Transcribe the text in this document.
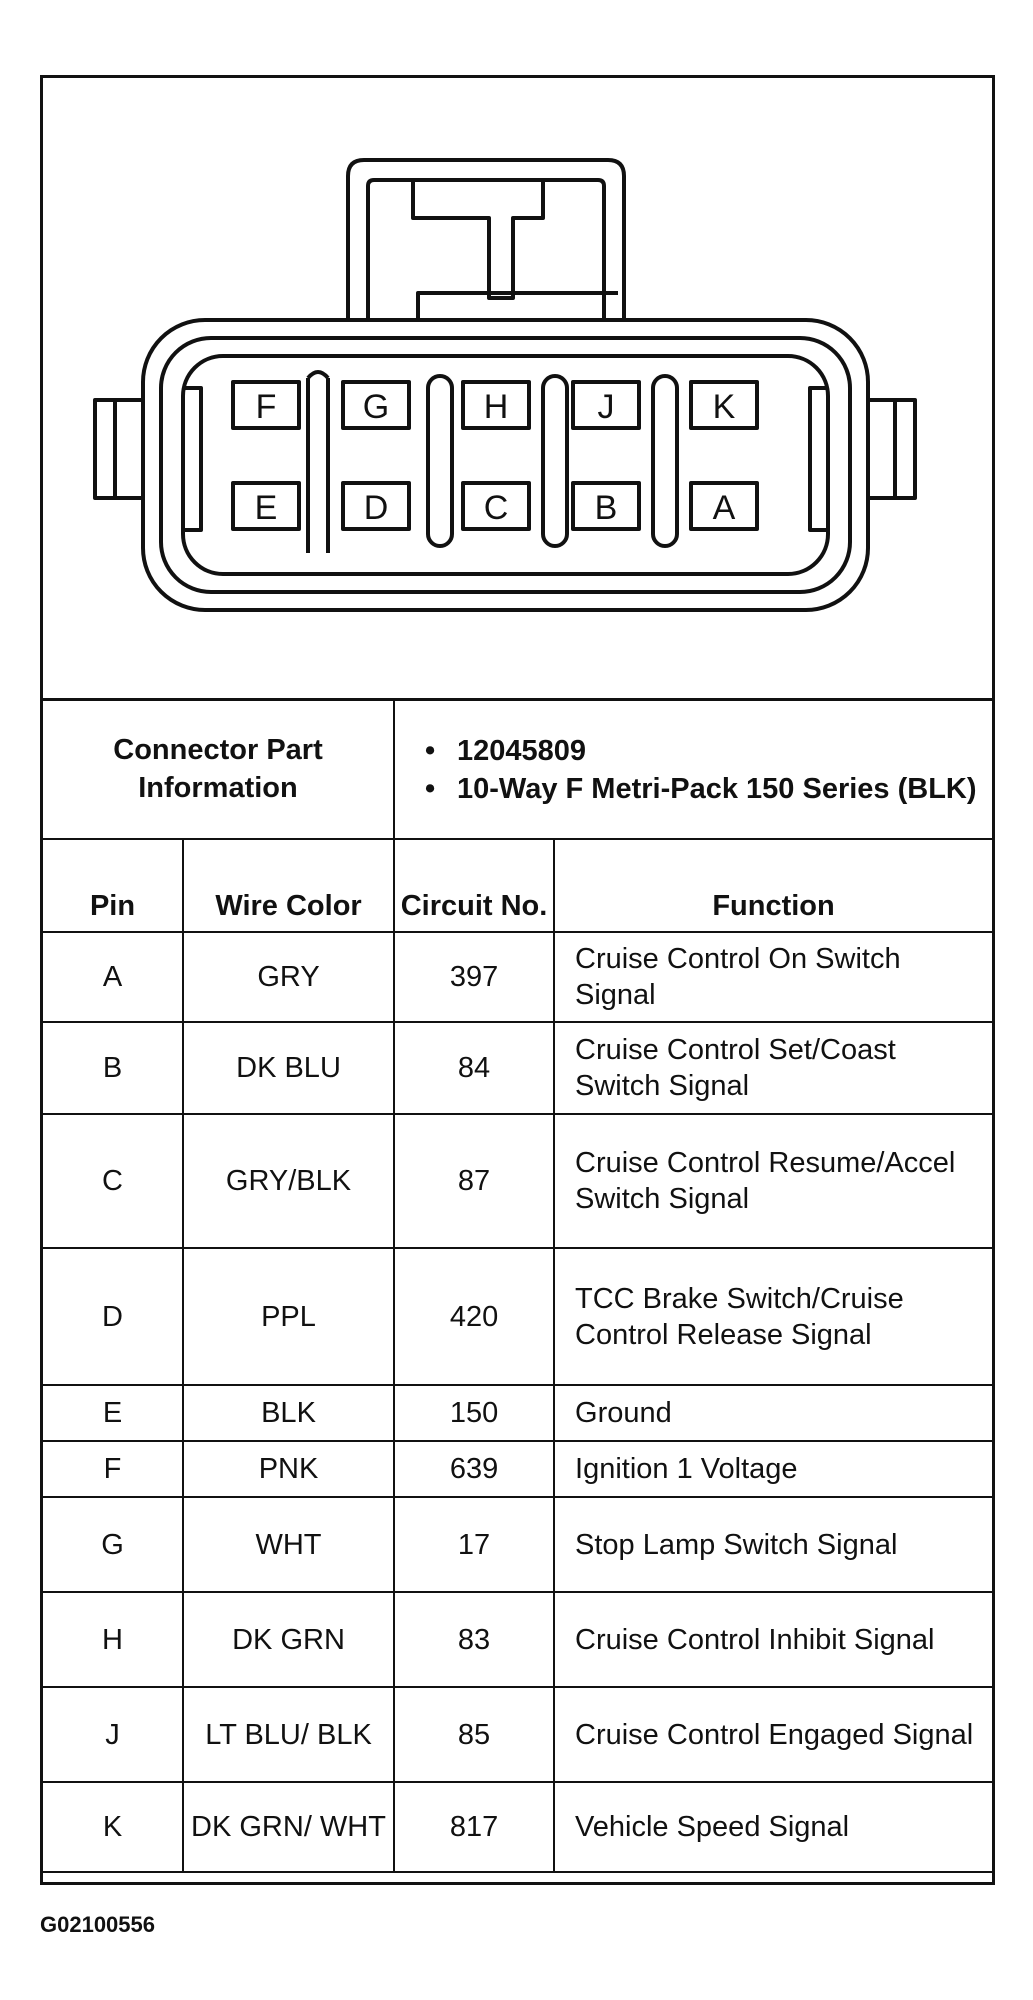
F	G	H	J	K
E	D	C	B	A
Connector Part Information		• 12045809
• 10-Way F Metri-Pack 150 Series (BLK)

Pin	Wire Color	Circuit No.	Function
A	GRY	397	Cruise Control On Switch Signal
B	DK BLU	84	Cruise Control Set/Coast Switch Signal
C	GRY/BLK	87	Cruise Control Resume/Accel Switch Signal
D	PPL	420	TCC Brake Switch/Cruise Control Release Signal
E	BLK	150	Ground
F	PNK	639	Ignition 1 Voltage
G	WHT	17	Stop Lamp Switch Signal
H	DK GRN	83	Cruise Control Inhibit Signal
J	LT BLU/ BLK	85	Cruise Control Engaged Signal
K	DK GRN/ WHT	817	Vehicle Speed Signal
G02100556
